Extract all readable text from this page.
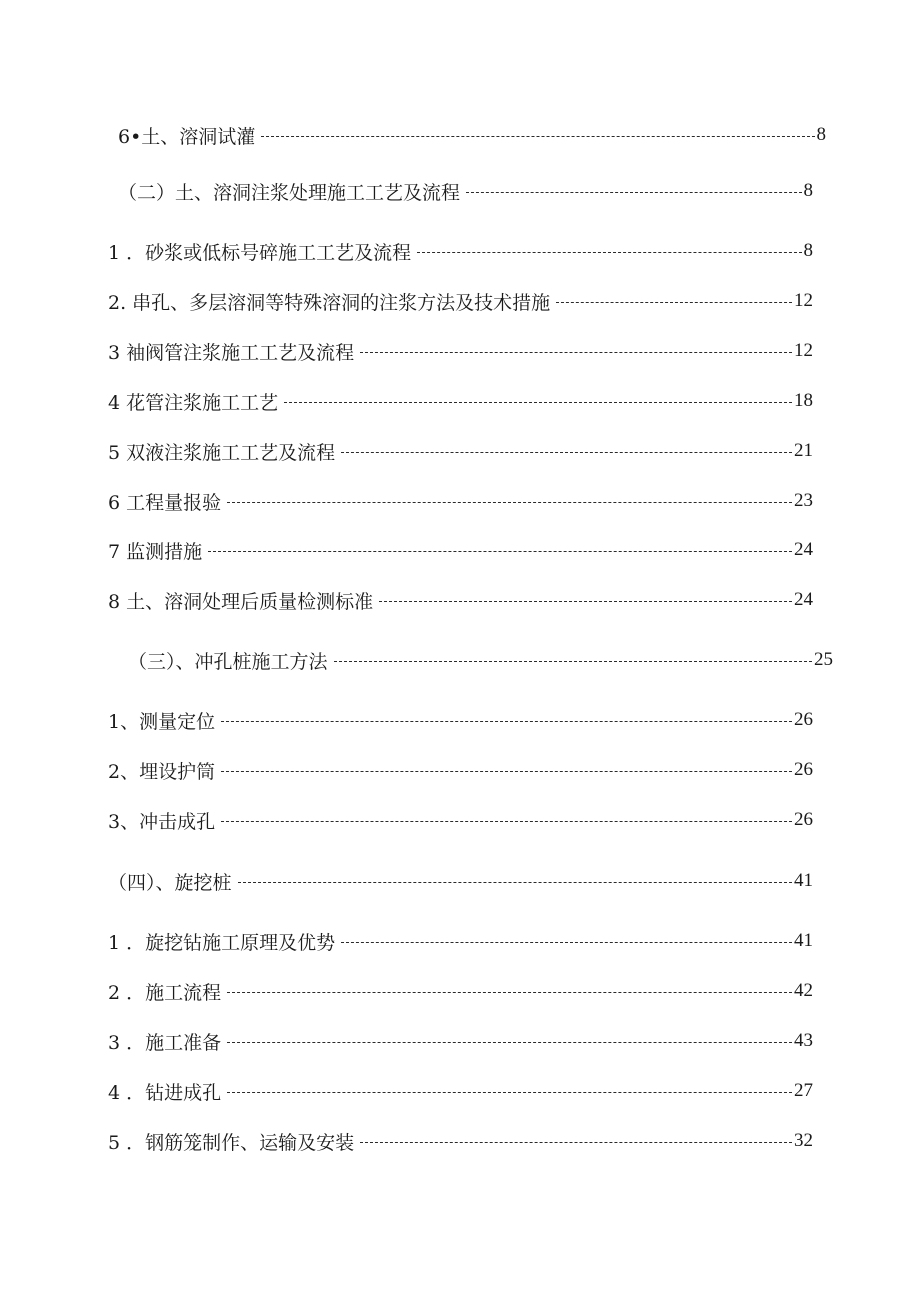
6•土、溶洞试灌	8
（二）土、溶洞注浆处理施工工艺及流程	8
1 ．砂浆或低标号碎施工工艺及流程	8
2. 串孔、多层溶洞等特殊溶洞的注浆方法及技术措施	12
3 袖阀管注浆施工工艺及流程	12
4 花管注浆施工工艺	18
5 双液注浆施工工艺及流程	21
6 工程量报验	23
7 监测措施	24
8 土、溶洞处理后质量检测标准	24
（三）、冲孔桩施工方法	25
1、测量定位	26
2、埋设护筒	26
3、冲击成孔	26
（四）、旋挖桩	41
1 ．旋挖钻施工原理及优势	41
2 ．施工流程	42
3 ．施工准备	43
4 ．钻进成孔	27
5 ．钢筋笼制作、运输及安装	32
